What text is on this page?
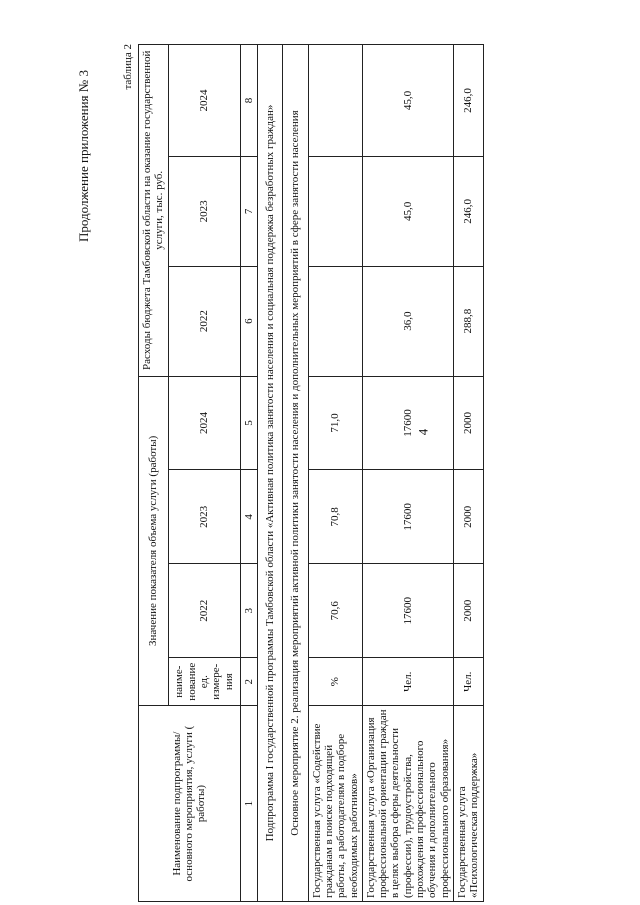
4
Продолжение приложения № 3
таблица 2
Наименование подпрограммы/ основного мероприятия, услуги ( работы)	Значение показателя объема услуги (работы)				Расходы бюджета Тамбовской области на оказание государственной услуги, тыс. руб.		
	наиме-нование ед. измере-ния	2022	2023	2024	2022	2023	2024
1	2	3	4	5	6	7	8
Подпрограмма I государственной программы Тамбовской области «Активная политика занятости населения и социальная поддержка безработных граждан»							
Основное мероприятие 2. реализация мероприятий активной политики занятости населения и дополнительных мероприятий в сфере занятости населения							
Государственная услуга «Содействие гражданам в поиске подходящей работы, а работодателям в подборе необходимых работников»	%	70,6	70,8	71,0			
Государственная услуга «Организация профессиональной ориентации граждан в целях выбора сферы деятельности (профессии), трудоустройства, прохождения профессионального обучения и дополнительного профессионального образования»	Чел.	17600	17600	17600	36,0	45,0	45,0
Государственная услуга «Психологическая поддержка»	Чел.	2000	2000	2000	288,8	246,0	246,0
